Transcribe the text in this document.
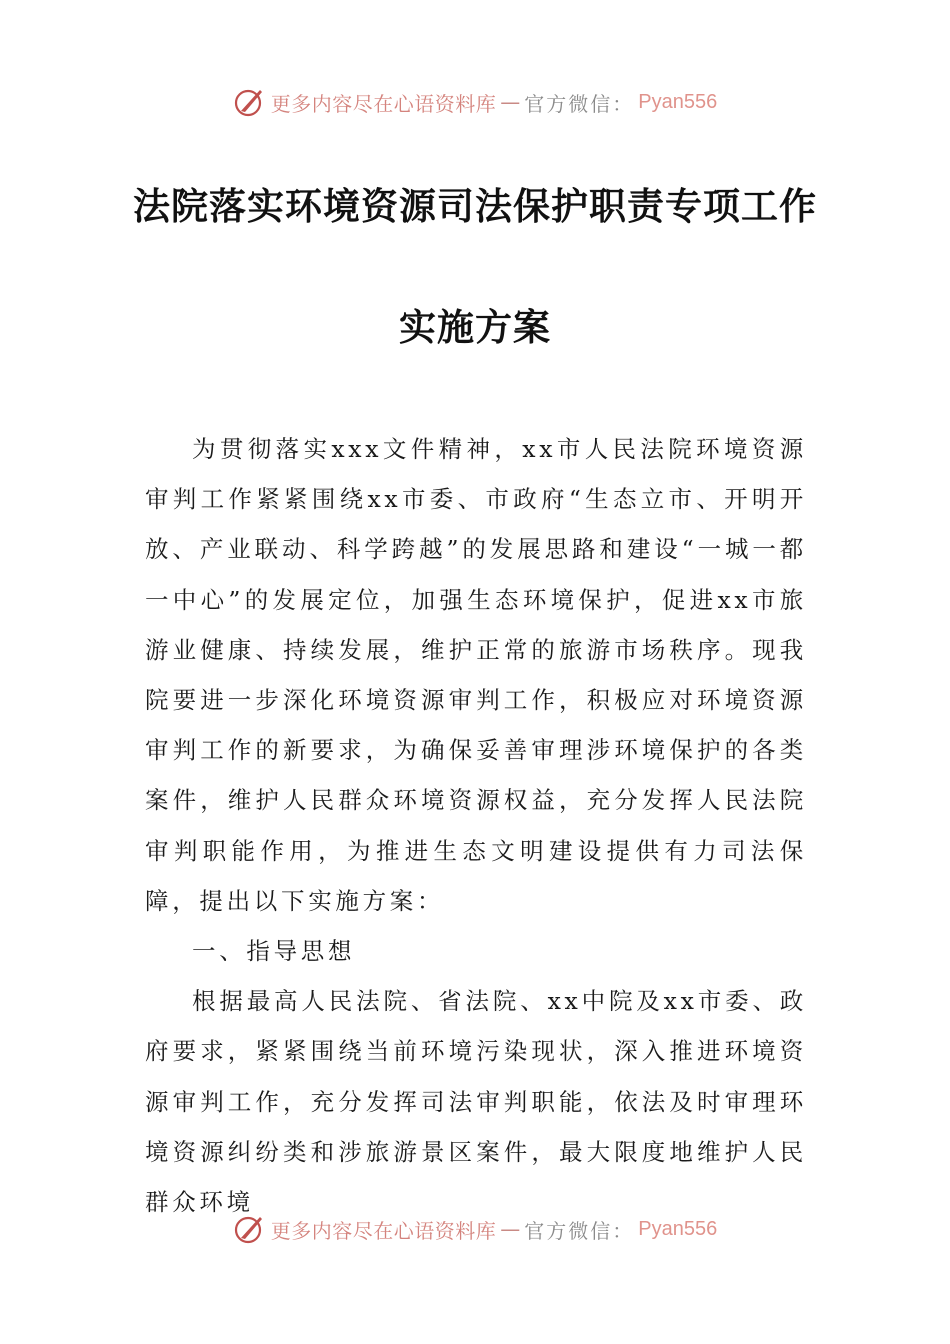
更多内容尽在心语资料库 — 官方微信： Pyan556
法院落实环境资源司法保护职责专项工作
实施方案

为贯彻落实xxx文件精神，xx市人民法院环境资源审判工作紧紧围绕xx市委、市政府“生态立市、开明开放、产业联动、科学跨越”的发展思路和建设“一城一都一中心”的发展定位，加强生态环境保护，促进xx市旅游业健康、持续发展，维护正常的旅游市场秩序。现我院要进一步深化环境资源审判工作，积极应对环境资源审判工作的新要求，为确保妥善审理涉环境保护的各类案件，维护人民群众环境资源权益，充分发挥人民法院审判职能作用，为推进生态文明建设提供有力司法保障，提出以下实施方案：

一、指导思想

根据最高人民法院、省法院、xx中院及xx市委、政府要求，紧紧围绕当前环境污染现状，深入推进环境资源审判工作，充分发挥司法审判职能，依法及时审理环境资源纠纷类和涉旅游景区案件，最大限度地维护人民群众环境

更多内容尽在心语资料库 — 官方微信： Pyan556
